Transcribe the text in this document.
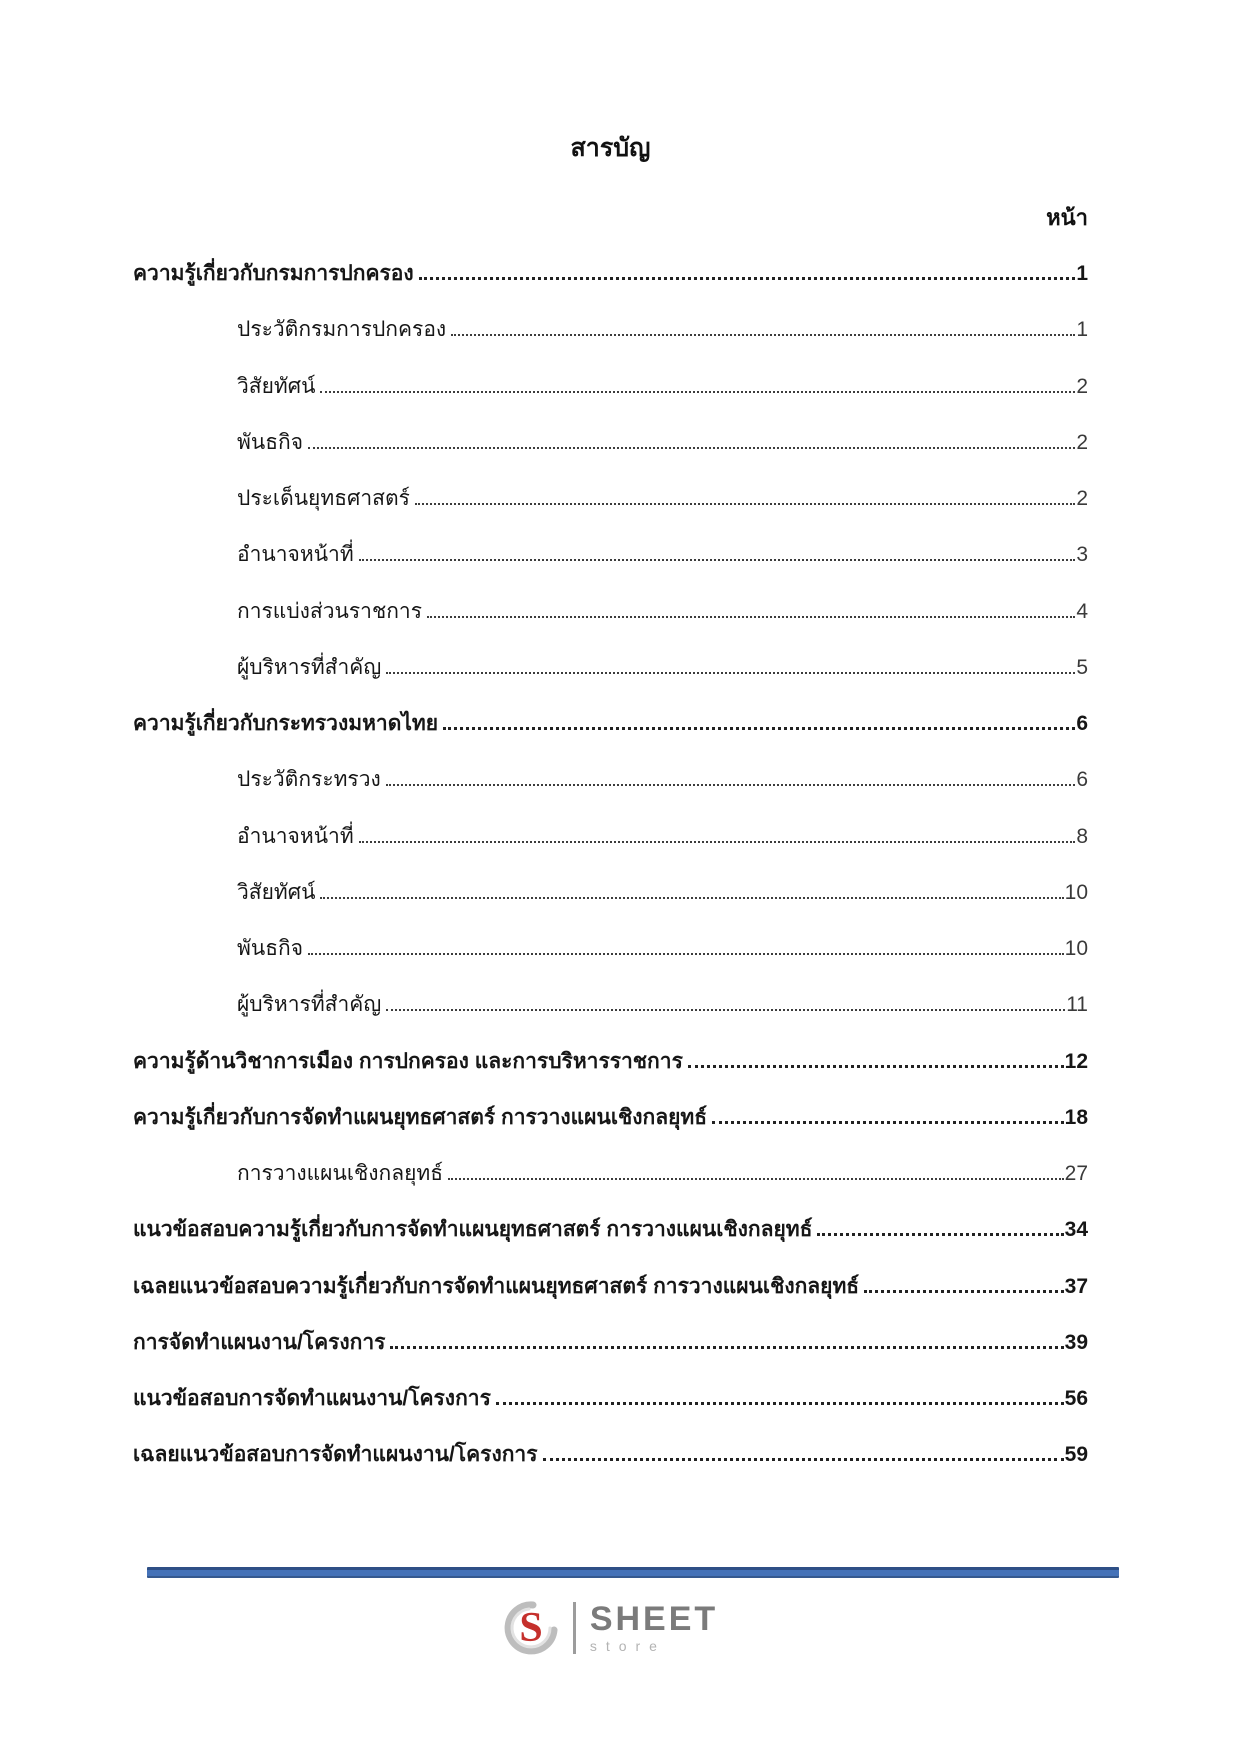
สารบัญ
หน้า
ความรู้เกี่ยวกับกรมการปกครอง	1
ประวัติกรมการปกครอง	1
วิสัยทัศน์	2
พันธกิจ	2
ประเด็นยุทธศาสตร์	2
อำนาจหน้าที่	3
การแบ่งส่วนราชการ	4
ผู้บริหารที่สำคัญ	5
ความรู้เกี่ยวกับกระทรวงมหาดไทย	6
ประวัติกระทรวง	6
อำนาจหน้าที่	8
วิสัยทัศน์	10
พันธกิจ	10
ผู้บริหารที่สำคัญ	11
ความรู้ด้านวิชาการเมือง การปกครอง และการบริหารราชการ	12
ความรู้เกี่ยวกับการจัดทำแผนยุทธศาสตร์ การวางแผนเชิงกลยุทธ์	18
การวางแผนเชิงกลยุทธ์	27
แนวข้อสอบความรู้เกี่ยวกับการจัดทำแผนยุทธศาสตร์ การวางแผนเชิงกลยุทธ์	34
เฉลยแนวข้อสอบความรู้เกี่ยวกับการจัดทำแผนยุทธศาสตร์ การวางแผนเชิงกลยุทธ์	37
การจัดทำแผนงาน/โครงการ	39
แนวข้อสอบการจัดทำแผนงาน/โครงการ	56
เฉลยแนวข้อสอบการจัดทำแผนงาน/โครงการ	59
S SHEET
store
